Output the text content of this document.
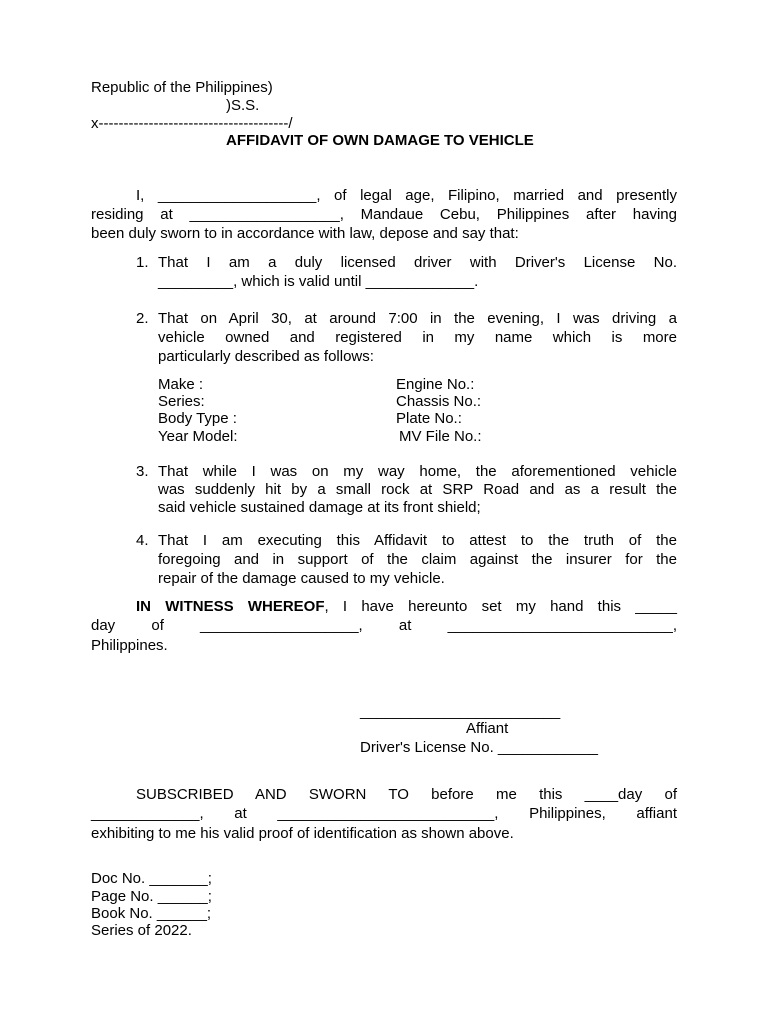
Republic of the Philippines)
)S.S.
x--------------------------------------/
AFFIDAVIT OF OWN DAMAGE TO VEHICLE
I, ___________________, of legal age, Filipino, married and presently
residing at __________________, Mandaue Cebu, Philippines after having
been duly sworn to in accordance with law, depose and say that:
1. That I am a duly licensed driver with Driver's License No.
_________, which is valid until _____________.
2. That on April 30, at around 7:00 in the evening, I was driving a
vehicle owned and registered in my name which is more
particularly described as follows:
Make :
Series:
Body Type :
Year Model:
Engine No.:
Chassis No.:
Plate No.:
MV File No.:
3. That while I was on my way home, the aforementioned vehicle
was suddenly hit by a small rock at SRP Road and as a result the
said vehicle sustained damage at its front shield;
4. That I am executing this Affidavit to attest to the truth of the
foregoing and in support of the claim against the insurer for the
repair of the damage caused to my vehicle.
IN WITNESS WHEREOF, I have hereunto set my hand this _____
day of ___________________, at ___________________________,
Philippines.
________________________
Affiant
Driver's License No. ____________
SUBSCRIBED AND SWORN TO before me this ____day of
_____________, at __________________________, Philippines, affiant
exhibiting to me his valid proof of identification as shown above.
Doc No. _______;
Page No. ______;
Book No. ______;
Series of 2022.
